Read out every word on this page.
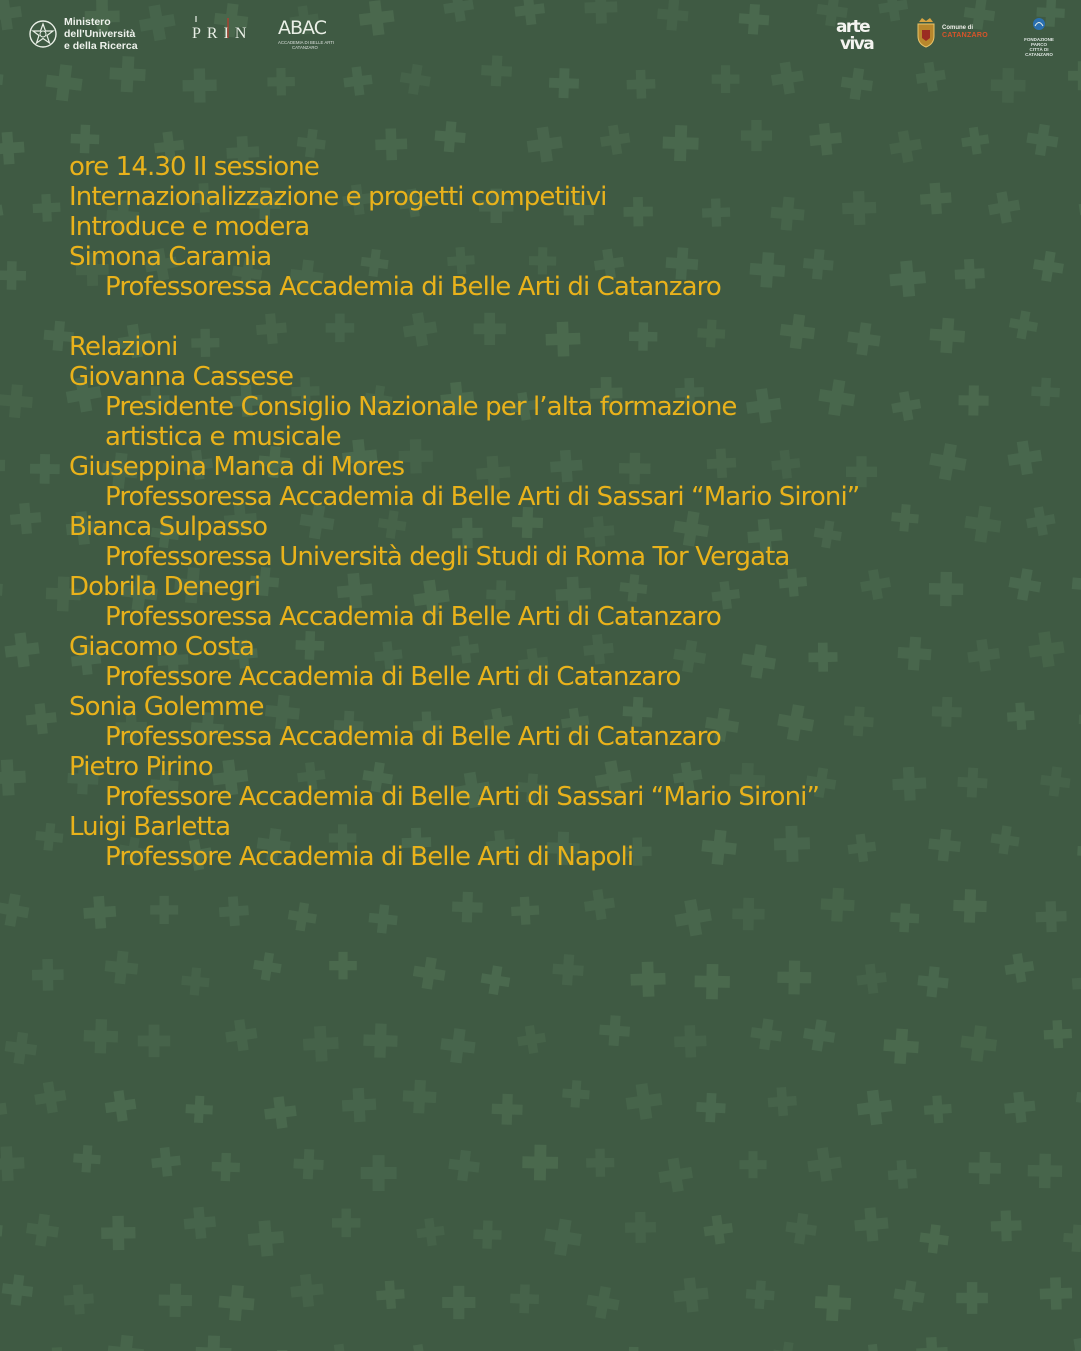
Ministero
dell'Università
e della Ricerca
PRIN ABAC
ACCADEMIA DI BELLE ARTI
CATANZARO
arte
viva
Comune di
CATANZARO
FONDAZIONE
PARCO
CITTÀ DI
CATANZARO
ore 14.30 II sessione
Internazionalizzazione e progetti competitivi
Introduce e modera
Simona Caramia
Professoressa Accademia di Belle Arti di Catanzaro
Relazioni
Giovanna Cassese
Presidente Consiglio Nazionale per l’alta formazione
artistica e musicale
Giuseppina Manca di Mores
Professoressa Accademia di Belle Arti di Sassari “Mario Sironi”
Bianca Sulpasso
Professoressa Università degli Studi di Roma Tor Vergata
Dobrila Denegri
Professoressa Accademia di Belle Arti di Catanzaro
Giacomo Costa
Professore Accademia di Belle Arti di Catanzaro
Sonia Golemme
Professoressa Accademia di Belle Arti di Catanzaro
Pietro Pirino
Professore Accademia di Belle Arti di Sassari “Mario Sironi”
Luigi Barletta
Professore Accademia di Belle Arti di Napoli
